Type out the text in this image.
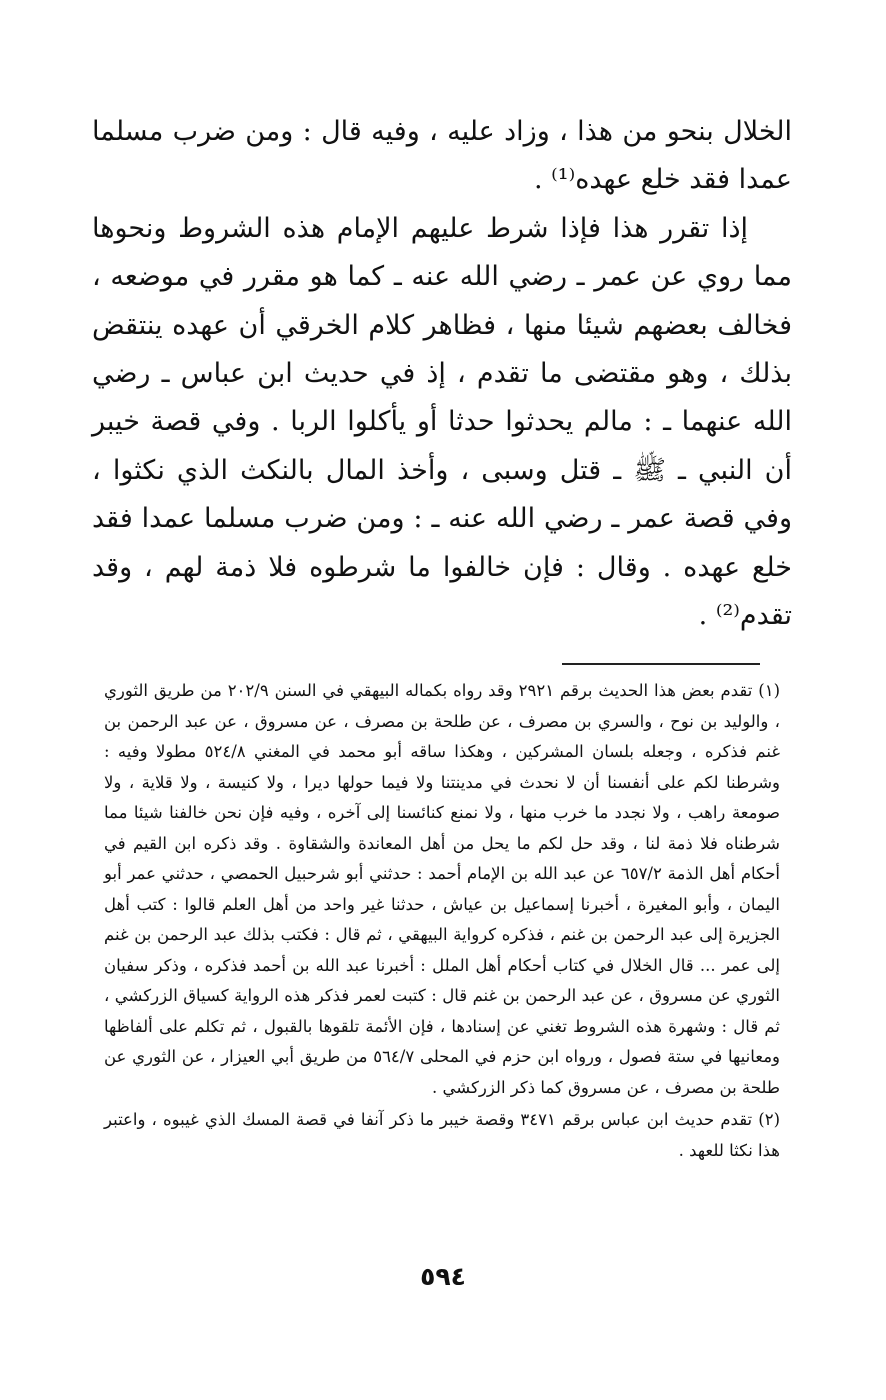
الخلال بنحو من هذا ، وزاد عليه ، وفيه قال : ومن ضرب مسلما عمدا فقد خلع عهده⁽¹⁾ .

إذا تقرر هذا فإذا شرط عليهم الإمام هذه الشروط ونحوها مما روي عن عمر ـ رضي الله عنه ـ كما هو مقرر في موضعه ، فخالف بعضهم شيئا منها ، فظاهر كلام الخرقي أن عهده ينتقض بذلك ، وهو مقتضى ما تقدم ، إذ في حديث ابن عباس ـ رضي الله عنهما ـ : مالم يحدثوا حدثا أو يأكلوا الربا . وفي قصة خيبر أن النبي ـ ﷺ ـ قتل وسبى ، وأخذ المال بالنكث الذي نكثوا ، وفي قصة عمر ـ رضي الله عنه ـ : ومن ضرب مسلما عمدا فقد خلع عهده . وقال : فإن خالفوا ما شرطوه فلا ذمة لهم ، وقد تقدم⁽²⁾ .

(١) تقدم بعض هذا الحديث برقم ٢٩٢١ وقد رواه بكماله البيهقي في السنن ٢٠٢/٩ من طريق الثوري ، والوليد بن نوح ، والسري بن مصرف ، عن طلحة بن مصرف ، عن مسروق ، عن عبد الرحمن بن غنم فذكره ، وجعله بلسان المشركين ، وهكذا ساقه أبو محمد في المغني ٥٢٤/٨ مطولا وفيه : وشرطنا لكم على أنفسنا أن لا نحدث في مدينتنا ولا فيما حولها ديرا ، ولا كنيسة ، ولا قلاية ، ولا صومعة راهب ، ولا نجدد ما خرب منها ، ولا نمنع كنائسنا إلى آخره ، وفيه فإن نحن خالفنا شيئا مما شرطناه فلا ذمة لنا ، وقد حل لكم ما يحل من أهل المعاندة والشقاوة . وقد ذكره ابن القيم في أحكام أهل الذمة ٦٥٧/٢ عن عبد الله بن الإمام أحمد : حدثني أبو شرحبيل الحمصي ، حدثني عمر أبو اليمان ، وأبو المغيرة ، أخبرنا إسماعيل بن عياش ، حدثنا غير واحد من أهل العلم قالوا : كتب أهل الجزيرة إلى عبد الرحمن بن غنم ، فذكره كرواية البيهقي ، ثم قال : فكتب بذلك عبد الرحمن بن غنم إلى عمر ... قال الخلال في كتاب أحكام أهل الملل : أخبرنا عبد الله بن أحمد فذكره ، وذكر سفيان الثوري عن مسروق ، عن عبد الرحمن بن غنم قال : كتبت لعمر فذكر هذه الرواية كسياق الزركشي ، ثم قال : وشهرة هذه الشروط تغني عن إسنادها ، فإن الأئمة تلقوها بالقبول ، ثم تكلم على ألفاظها ومعانيها في ستة فصول ، ورواه ابن حزم في المحلى ٥٦٤/٧ من طريق أبي العيزار ، عن الثوري عن طلحة بن مصرف ، عن مسروق كما ذكر الزركشي .

(٢) تقدم حديث ابن عباس برقم ٣٤٧١ وقصة خيبر ما ذكر آنفا في قصة المسك الذي غيبوه ، واعتبر هذا نكثا للعهد .

٥٩٤
